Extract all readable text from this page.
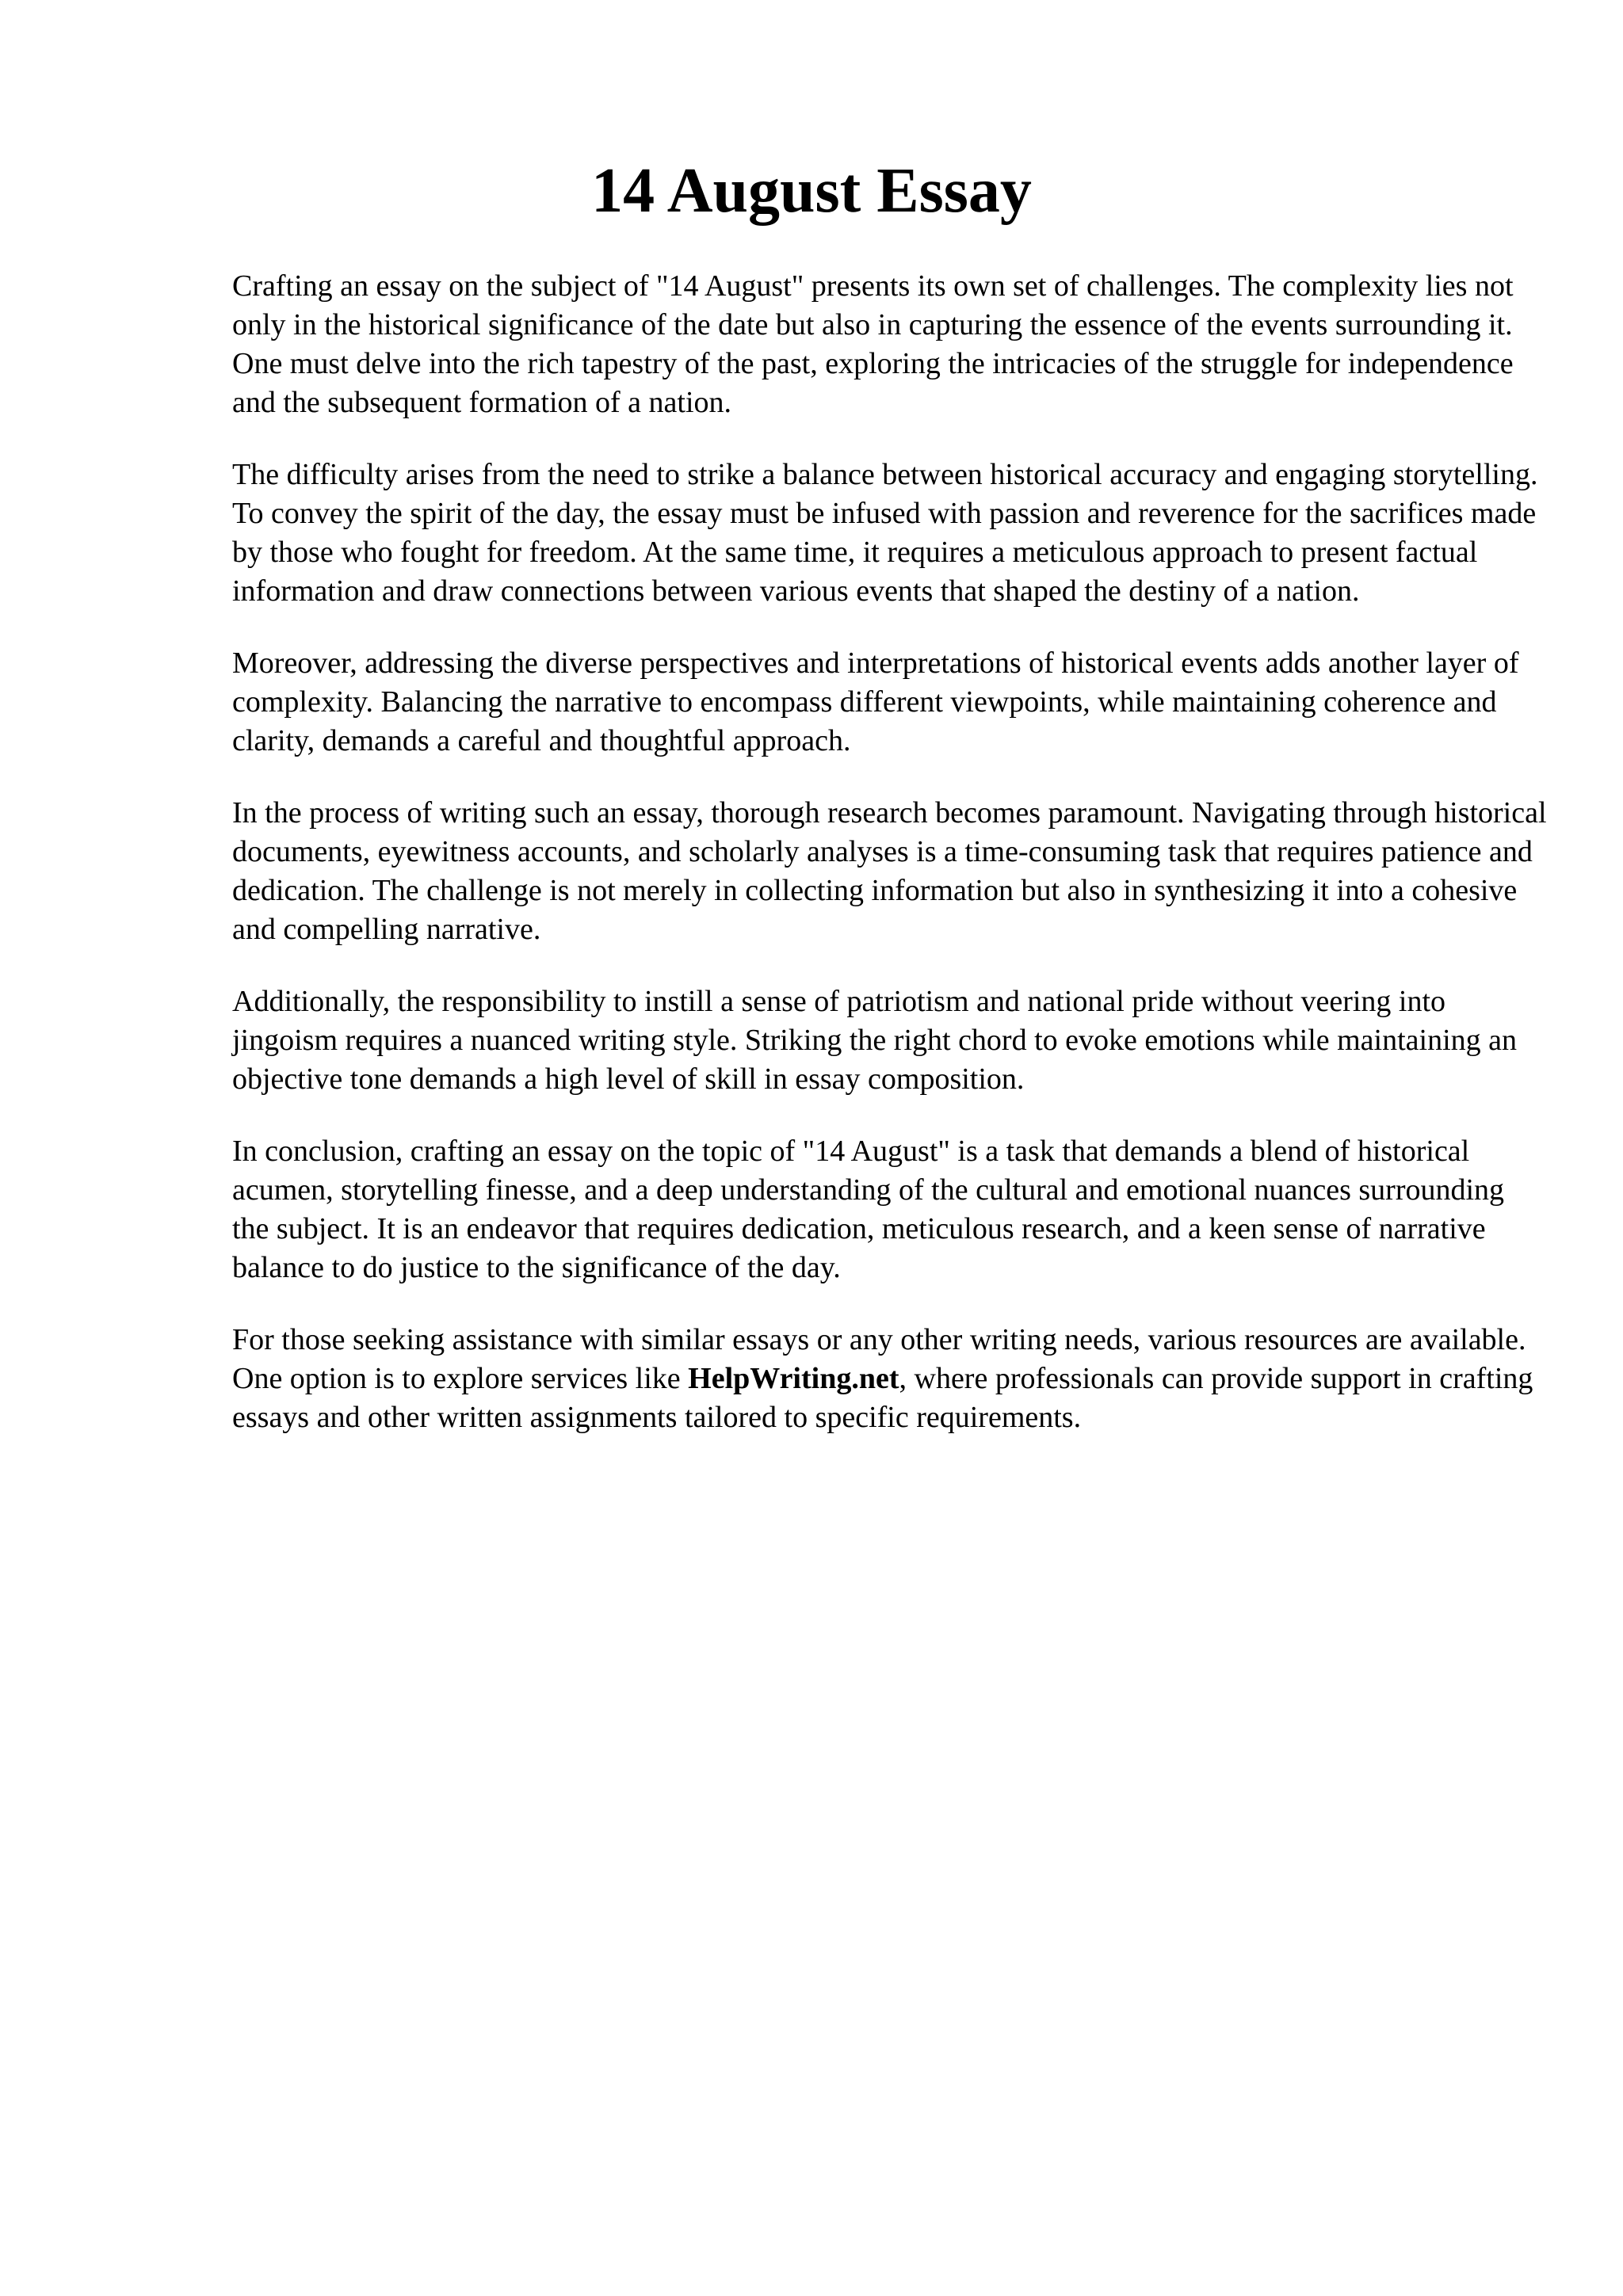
14 August Essay

Crafting an essay on the subject of "14 August" presents its own set of challenges. The complexity lies not only in the historical significance of the date but also in capturing the essence of the events surrounding it. One must delve into the rich tapestry of the past, exploring the intricacies of the struggle for independence and the subsequent formation of a nation.

The difficulty arises from the need to strike a balance between historical accuracy and engaging storytelling. To convey the spirit of the day, the essay must be infused with passion and reverence for the sacrifices made by those who fought for freedom. At the same time, it requires a meticulous approach to present factual information and draw connections between various events that shaped the destiny of a nation.

Moreover, addressing the diverse perspectives and interpretations of historical events adds another layer of complexity. Balancing the narrative to encompass different viewpoints, while maintaining coherence and clarity, demands a careful and thoughtful approach.

In the process of writing such an essay, thorough research becomes paramount. Navigating through historical documents, eyewitness accounts, and scholarly analyses is a time-consuming task that requires patience and dedication. The challenge is not merely in collecting information but also in synthesizing it into a cohesive and compelling narrative.

Additionally, the responsibility to instill a sense of patriotism and national pride without veering into jingoism requires a nuanced writing style. Striking the right chord to evoke emotions while maintaining an objective tone demands a high level of skill in essay composition.

In conclusion, crafting an essay on the topic of "14 August" is a task that demands a blend of historical acumen, storytelling finesse, and a deep understanding of the cultural and emotional nuances surrounding the subject. It is an endeavor that requires dedication, meticulous research, and a keen sense of narrative balance to do justice to the significance of the day.

For those seeking assistance with similar essays or any other writing needs, various resources are available. One option is to explore services like HelpWriting.net, where professionals can provide support in crafting essays and other written assignments tailored to specific requirements.
